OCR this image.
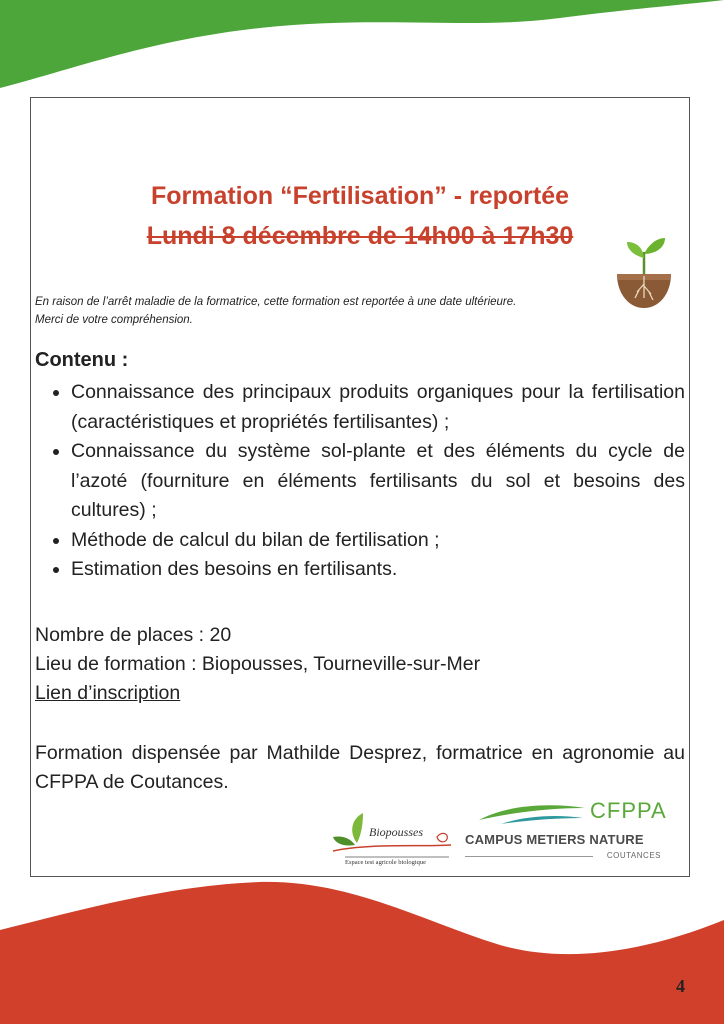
Formation “Fertilisation” - reportée
Lundi 8 décembre de 14h00 à 17h30
En raison de l’arrêt maladie de la formatrice, cette formation est reportée à une date ultérieure.
Merci de votre compréhension.
Contenu :
• Connaissance des principaux produits organiques pour la fertilisation (caractéristiques et propriétés fertilisantes) ;
• Connaissance du système sol-plante et des éléments du cycle de l’azoté (fourniture en éléments fertilisants du sol et besoins des cultures) ;
• Méthode de calcul du bilan de fertilisation ;
• Estimation des besoins en fertilisants.
Nombre de places : 20
Lieu de formation : Biopousses, Tourneville-sur-Mer
Lien d’inscription
Formation dispensée par Mathilde Desprez, formatrice en agronomie au CFPPA de Coutances.
Biopousses
Espace test agricole biologique
CFPPA
CAMPUS METIERS NATURE
COUTANCES
4
